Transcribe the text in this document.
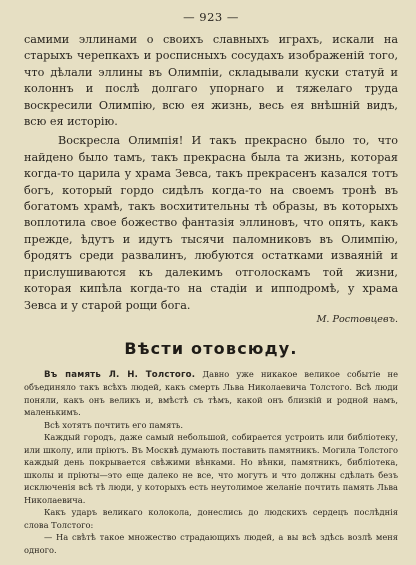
— 923 —

самими эллинами о своихъ славныхъ играхъ, искали на старыхъ черепкахъ и росписныхъ сосудахъ изображеній того, что дѣлали эллины въ Олимпіи, складывали куски статуй и колоннъ и послѣ долгаго упорнаго и тяжелаго труда воскресили Олимпію, всю ея жизнь, весь ея внѣшній видъ, всю ея исторію.

Воскресла Олимпія! И такъ прекрасно было то, что найдено было тамъ, такъ прекрасна была та жизнь, которая когда-то царила у храма Зевса, такъ прекрасенъ казался тотъ богъ, который гордо сидѣлъ когда-то на своемъ тронѣ въ богатомъ храмѣ, такъ восхитительны тѣ образы, въ которыхъ воплотила свое божество фантазія эллиновъ, что опять, какъ прежде, ѣдутъ и идутъ тысячи паломниковъ въ Олимпію, бродятъ среди развалинъ, любуются остатками изваяній и прислушиваются къ далекимъ отголоскамъ той жизни, которая кипѣла когда-то на стадіи и ипподромѣ, у храма Зевса и у старой рощи бога.

М. Ростовцевъ.
Вѣсти отовсюду.

Въ память Л. Н. Толстого. Давно уже никакое великое событіе не объединяло такъ всѣхъ людей, какъ смерть Льва Николаевича Толстого. Всѣ люди поняли, какъ онъ великъ и, вмѣстѣ съ тѣмъ, какой онъ близкій и родной намъ, маленькимъ.

Всѣ хотятъ почтить его память.

Каждый городъ, даже самый небольшой, собирается устроить или библіотеку, или школу, или пріютъ. Въ Москвѣ думають поставить памятникъ. Могила Толстого каждый день покрывается свѣжими вѣнками. Но вѣнки, памятникъ, библіотека, школы и пріюты—это еще далеко не все, что могутъ и что должны сдѣлать безъ исключенія всѣ тѣ люди, у которыхъ есть неутолимое желаніе почтить память Льва Николаевича.

Какъ ударъ великаго колокола, донеслись до людскихъ сердецъ послѣднія слова Толстого:

— На свѣтѣ такое множество страдающихъ людей, а вы всѣ здѣсь возлѣ меня одного.
